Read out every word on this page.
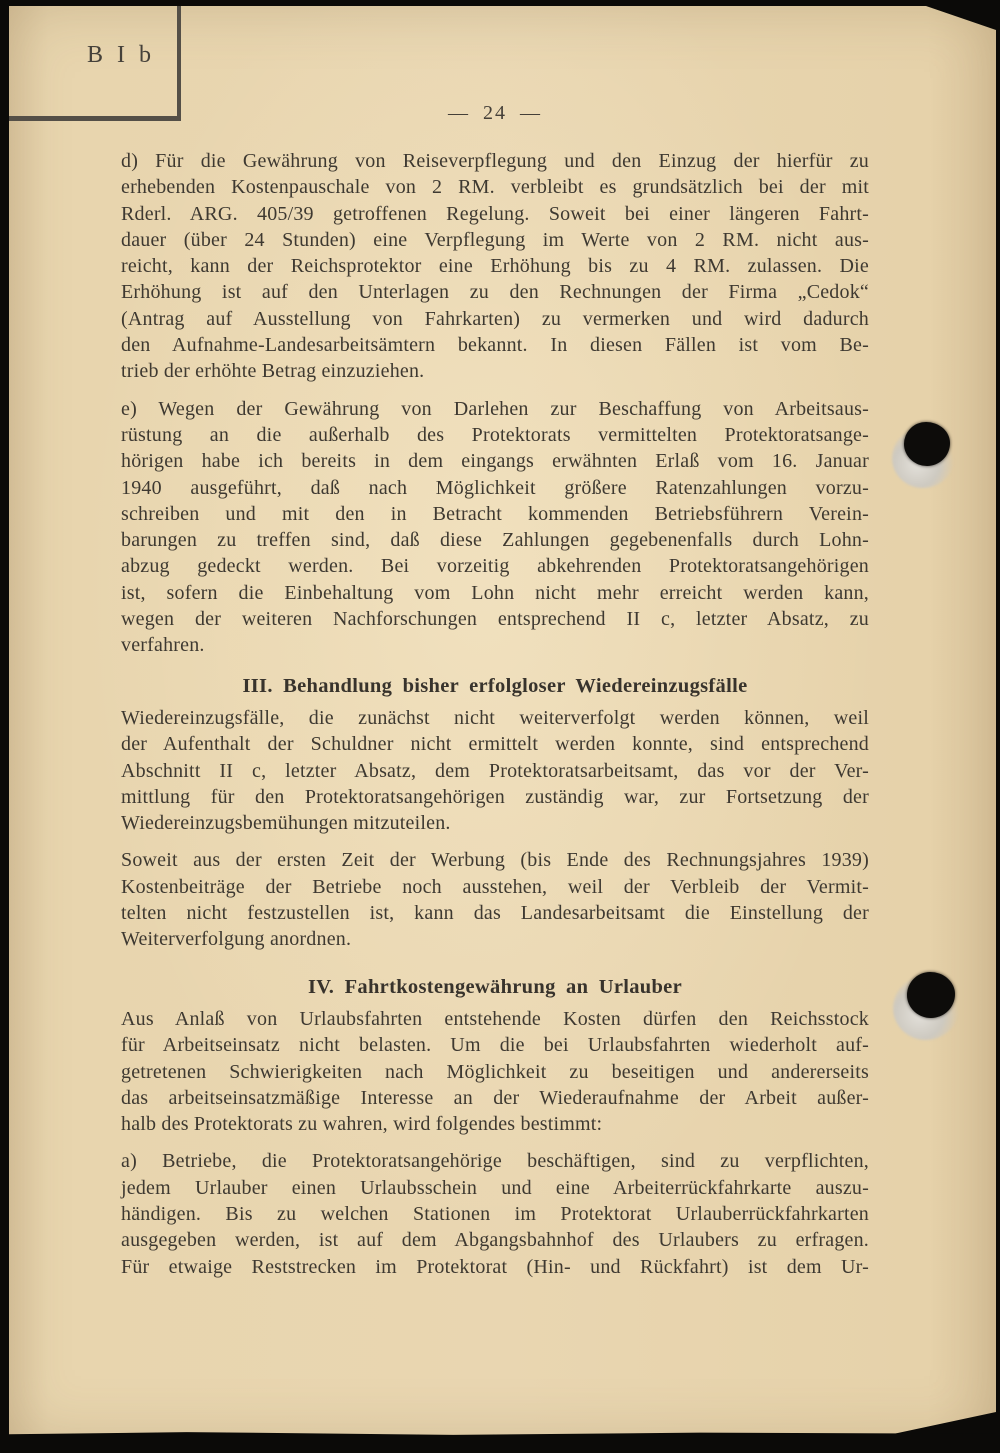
B I b
— 24 —
d) Für die Gewährung von Reiseverpflegung und den Einzug der hierfür zu
erhebenden Kostenpauschale von 2 RM. verbleibt es grundsätzlich bei der mit
Rderl. ARG. 405/39 getroffenen Regelung. Soweit bei einer längeren Fahrt-
dauer (über 24 Stunden) eine Verpflegung im Werte von 2 RM. nicht aus-
reicht, kann der Reichsprotektor eine Erhöhung bis zu 4 RM. zulassen. Die
Erhöhung ist auf den Unterlagen zu den Rechnungen der Firma „Cedok“
(Antrag auf Ausstellung von Fahrkarten) zu vermerken und wird dadurch
den Aufnahme-Landesarbeitsämtern bekannt. In diesen Fällen ist vom Be-
trieb der erhöhte Betrag einzuziehen.
e) Wegen der Gewährung von Darlehen zur Beschaffung von Arbeitsaus-
rüstung an die außerhalb des Protektorats vermittelten Protektoratsange-
hörigen habe ich bereits in dem eingangs erwähnten Erlaß vom 16. Januar
1940 ausgeführt, daß nach Möglichkeit größere Ratenzahlungen vorzu-
schreiben und mit den in Betracht kommenden Betriebsführern Verein-
barungen zu treffen sind, daß diese Zahlungen gegebenenfalls durch Lohn-
abzug gedeckt werden. Bei vorzeitig abkehrenden Protektoratsangehörigen
ist, sofern die Einbehaltung vom Lohn nicht mehr erreicht werden kann,
wegen der weiteren Nachforschungen entsprechend II c, letzter Absatz, zu
verfahren.
III. Behandlung bisher erfolgloser Wiedereinzugsfälle
Wiedereinzugsfälle, die zunächst nicht weiterverfolgt werden können, weil
der Aufenthalt der Schuldner nicht ermittelt werden konnte, sind entsprechend
Abschnitt II c, letzter Absatz, dem Protektoratsarbeitsamt, das vor der Ver-
mittlung für den Protektoratsangehörigen zuständig war, zur Fortsetzung der
Wiedereinzugsbemühungen mitzuteilen.
Soweit aus der ersten Zeit der Werbung (bis Ende des Rechnungsjahres 1939)
Kostenbeiträge der Betriebe noch ausstehen, weil der Verbleib der Vermit-
telten nicht festzustellen ist, kann das Landesarbeitsamt die Einstellung der
Weiterverfolgung anordnen.
IV. Fahrtkostengewährung an Urlauber
Aus Anlaß von Urlaubsfahrten entstehende Kosten dürfen den Reichsstock
für Arbeitseinsatz nicht belasten. Um die bei Urlaubsfahrten wiederholt auf-
getretenen Schwierigkeiten nach Möglichkeit zu beseitigen und andererseits
das arbeitseinsatzmäßige Interesse an der Wiederaufnahme der Arbeit außer-
halb des Protektorats zu wahren, wird folgendes bestimmt:
a) Betriebe, die Protektoratsangehörige beschäftigen, sind zu verpflichten,
jedem Urlauber einen Urlaubsschein und eine Arbeiterrückfahrkarte auszu-
händigen. Bis zu welchen Stationen im Protektorat Urlauberrückfahrkarten
ausgegeben werden, ist auf dem Abgangsbahnhof des Urlaubers zu erfragen.
Für etwaige Reststrecken im Protektorat (Hin- und Rückfahrt) ist dem Ur-
